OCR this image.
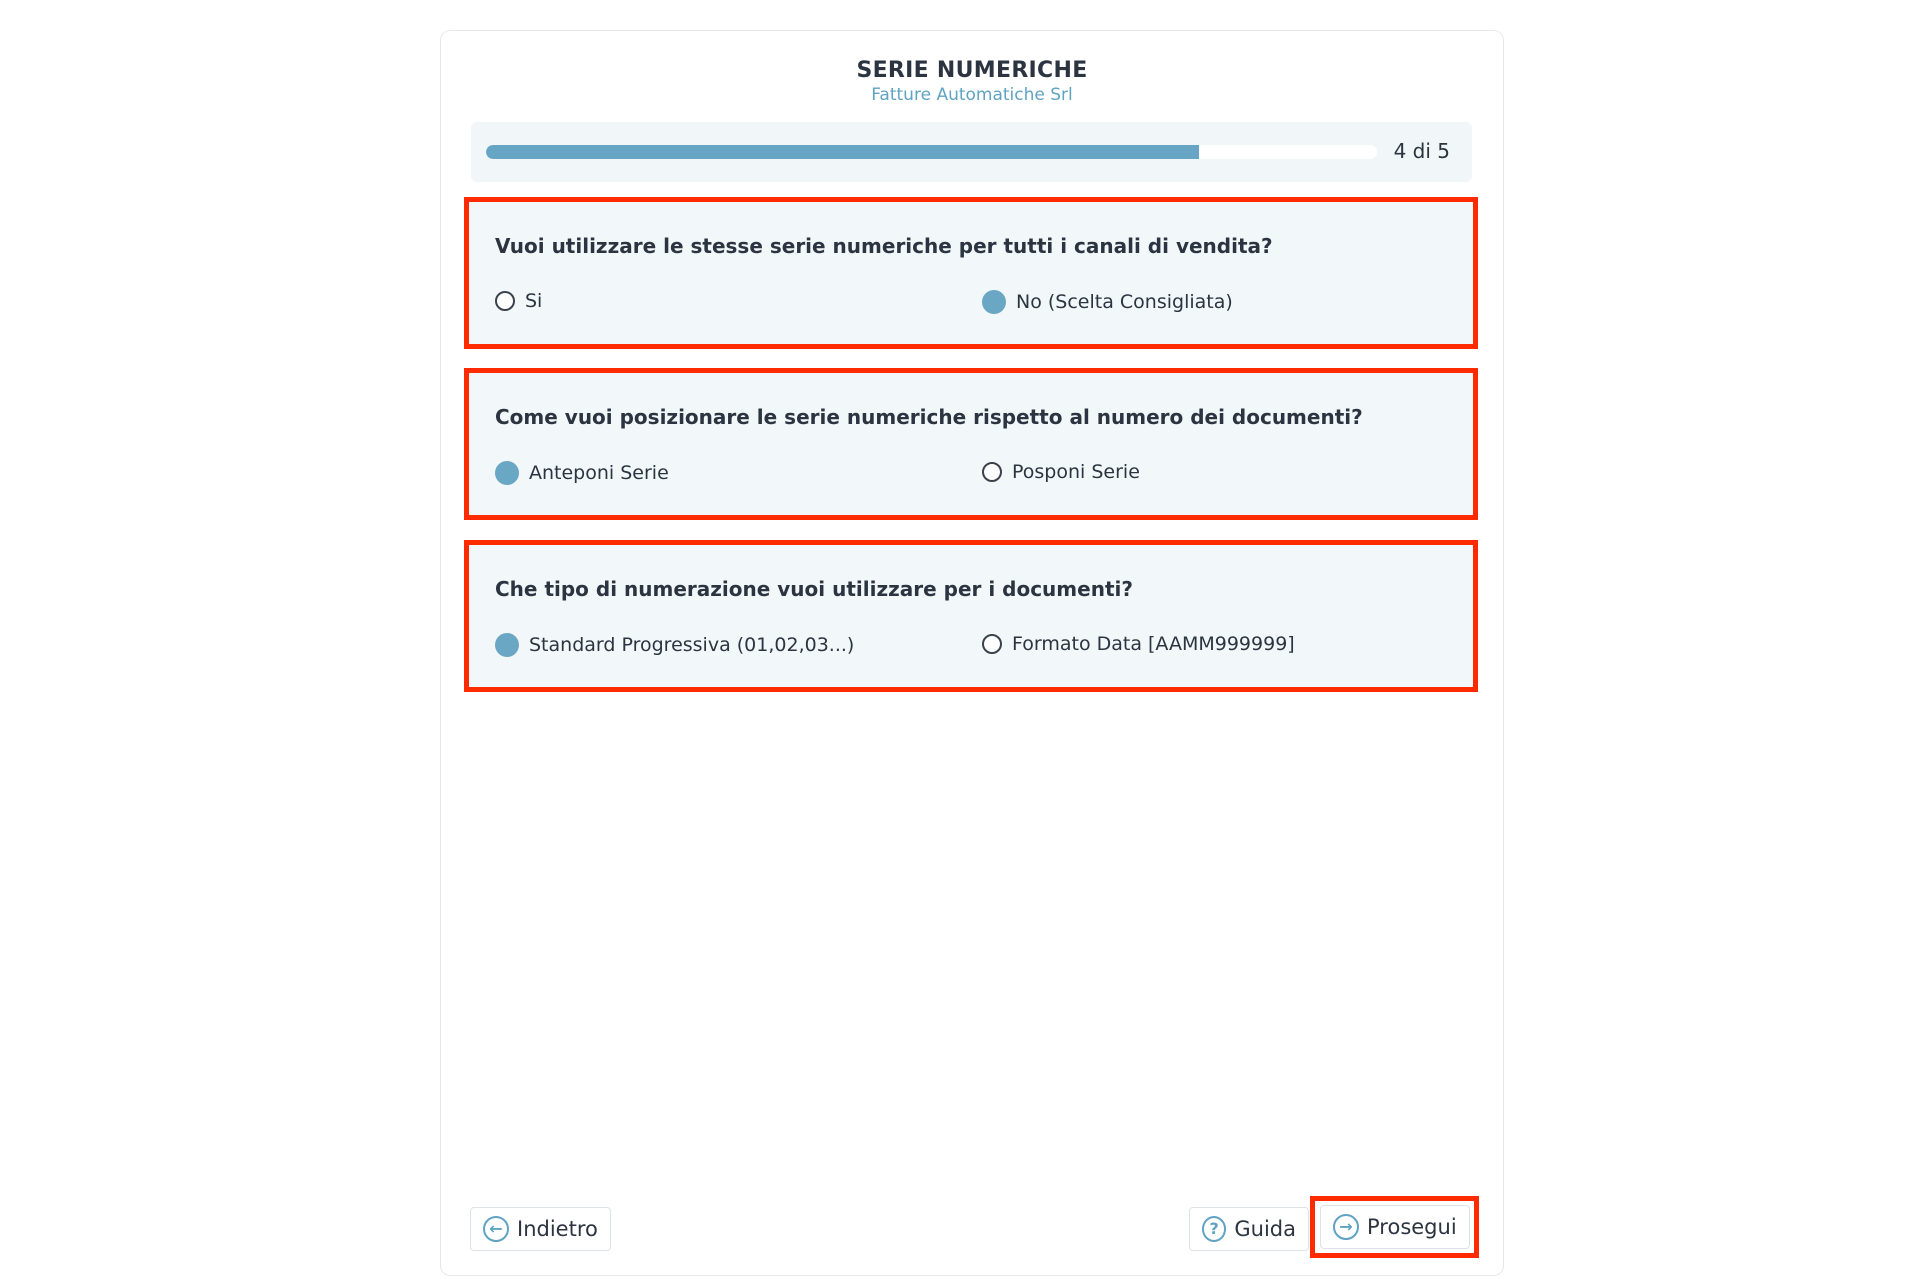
SERIE NUMERICHE
Fatture Automatiche Srl
4 di 5
Vuoi utilizzare le stesse serie numeriche per tutti i canali di vendita?
Si	No (Scelta Consigliata)
Come vuoi posizionare le serie numeriche rispetto al numero dei documenti?
Anteponi Serie	Posponi Serie
Che tipo di numerazione vuoi utilizzare per i documenti?
Standard Progressiva (01,02,03...)	Formato Data [AAMM999999]
← Indietro	? Guida	→ Prosegui
